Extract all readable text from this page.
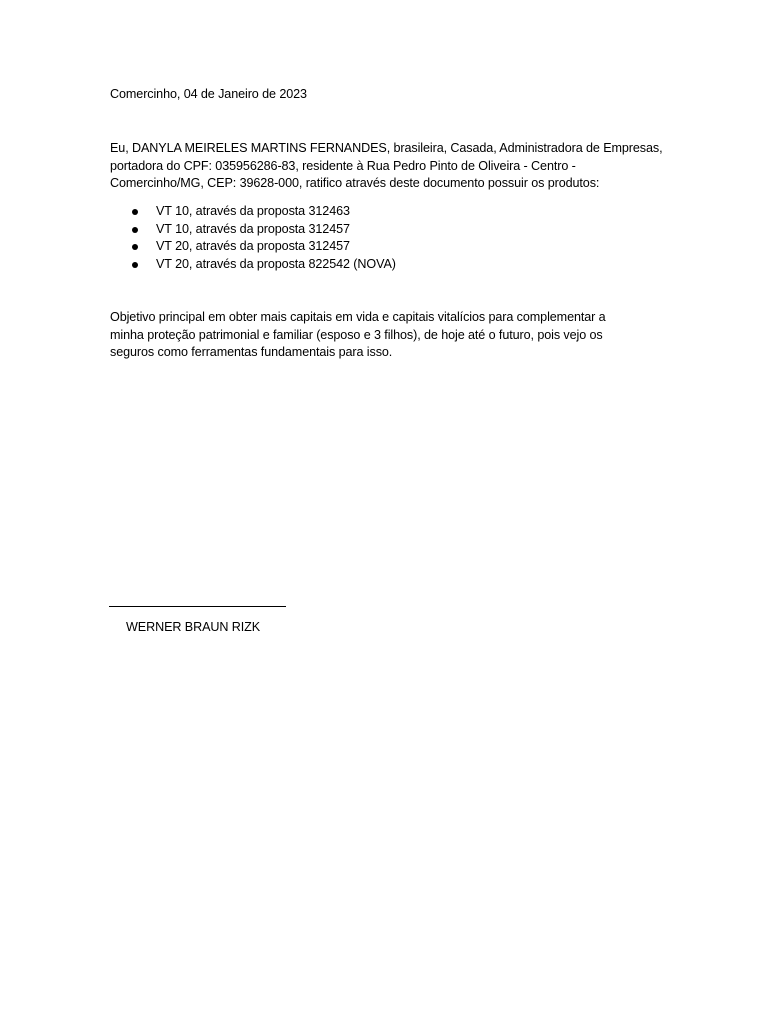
Comercinho, 04 de Janeiro de 2023
Eu, DANYLA MEIRELES MARTINS FERNANDES, brasileira, Casada, Administradora de Empresas,
portadora do CPF: 035956286-83, residente à Rua Pedro Pinto de Oliveira - Centro -
Comercinho/MG, CEP: 39628-000, ratifico através deste documento possuir os produtos:
VT 10, através da proposta 312463
VT 10, através da proposta 312457
VT 20, através da proposta 312457
VT 20, através da proposta 822542 (NOVA)
Objetivo principal em obter mais capitais em vida e capitais vitalícios para complementar a
minha proteção patrimonial e familiar (esposo e 3 filhos), de hoje até o futuro, pois vejo os
seguros como ferramentas fundamentais para isso.
WERNER BRAUN RIZK
